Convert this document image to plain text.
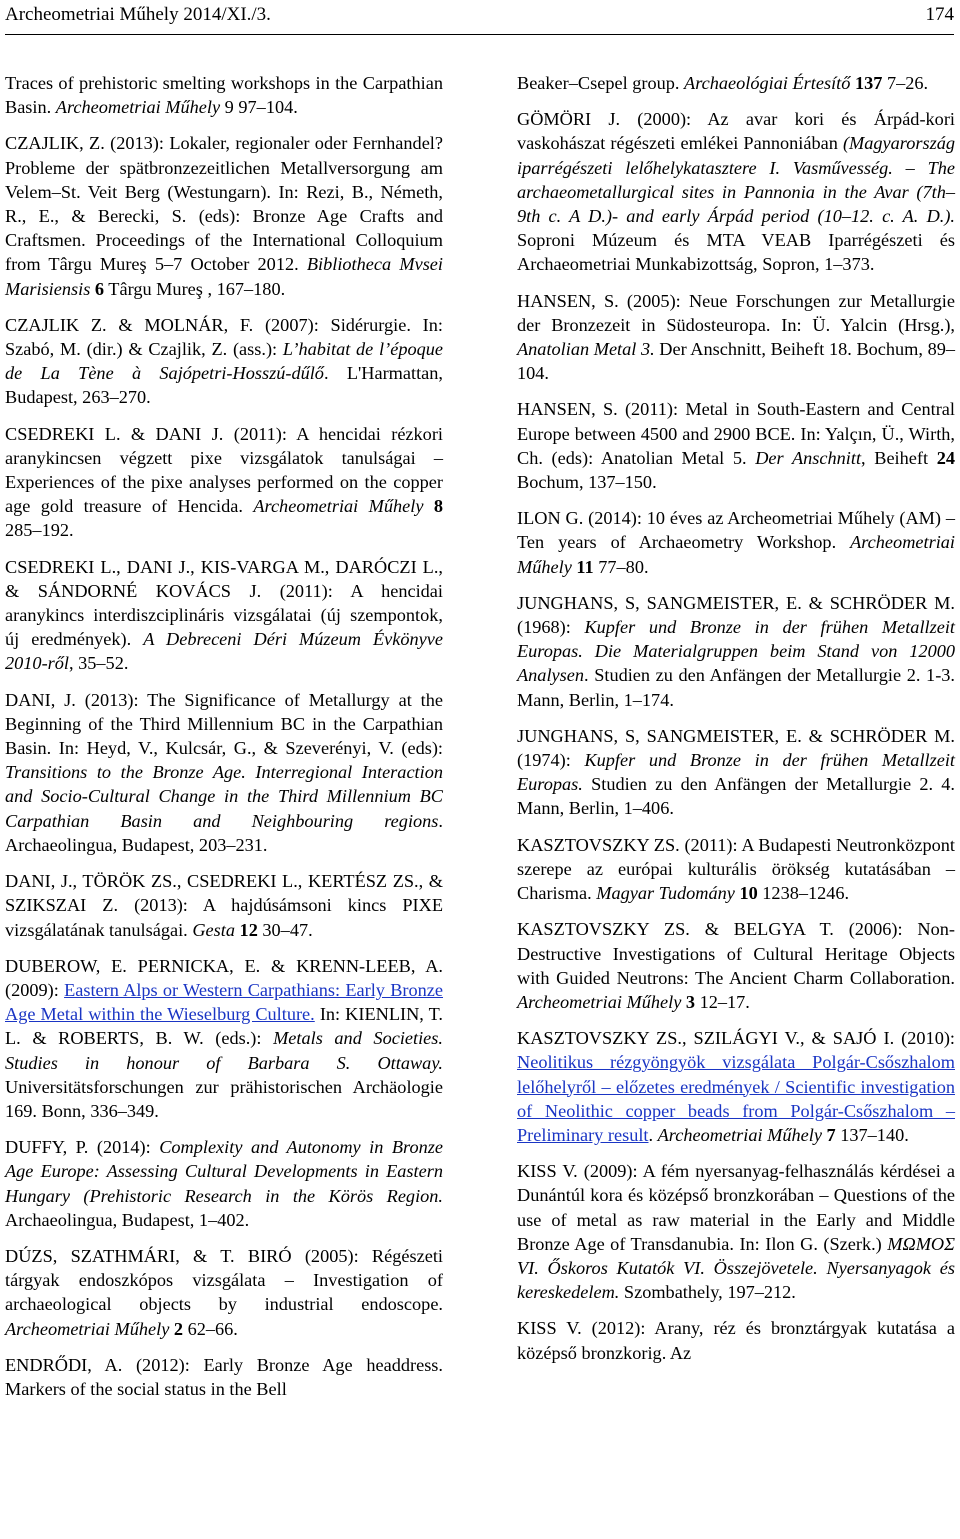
Archeometriai Műhely 2014/XI./3.	174

Traces of prehistoric smelting workshops in the Carpathian Basin. Archeometriai Műhely 9 97–104.

CZAJLIK, Z. (2013): Lokaler, regionaler oder Fernhandel? Probleme der spätbronzezeitlichen Metallversorgung am Velem–St. Veit Berg (Westungarn). In: Rezi, B., Németh, R., E., & Berecki, S. (eds): Bronze Age Crafts and Craftsmen. Proceedings of the International Colloquium from Târgu Mureş 5–7 October 2012. Bibliotheca Mvsei Marisiensis 6 Târgu Mureş , 167–180.

CZAJLIK Z. & MOLNÁR, F. (2007): Sidérurgie. In: Szabó, M. (dir.) & Czajlik, Z. (ass.): L’habitat de l’époque de La Tène à Sajópetri-Hosszú-dűlő. L'Harmattan, Budapest, 263–270.

CSEDREKI L. & DANI J. (2011): A hencidai rézkori aranykincsen végzett pixe vizsgálatok tanulságai – Experiences of the pixe analyses performed on the copper age gold treasure of Hencida. Archeometriai Műhely 8 285–192.

CSEDREKI L., DANI J., KIS-VARGA M., DARÓCZI L., & SÁNDORNÉ KOVÁCS J. (2011): A hencidai aranykincs interdiszciplináris vizsgálatai (új szempontok, új eredmények). A Debreceni Déri Múzeum Évkönyve 2010-ről, 35–52.

DANI, J. (2013): The Significance of Metallurgy at the Beginning of the Third Millennium BC in the Carpathian Basin. In: Heyd, V., Kulcsár, G., & Szeverényi, V. (eds): Transitions to the Bronze Age. Interregional Interaction and Socio-Cultural Change in the Third Millennium BC Carpathian Basin and Neighbouring regions. Archaeolingua, Budapest, 203–231.

DANI, J., TÖRÖK ZS., CSEDREKI L., KERTÉSZ ZS., & SZIKSZAI Z. (2013): A hajdúsámsoni kincs PIXE vizsgálatának tanulságai. Gesta 12 30–47.

DUBEROW, E. PERNICKA, E. & KRENN-LEEB, A. (2009): Eastern Alps or Western Carpathians: Early Bronze Age Metal within the Wieselburg Culture. In: KIENLIN, T. L. & ROBERTS, B. W. (eds.): Metals and Societies. Studies in honour of Barbara S. Ottaway. Universitätsforschungen zur prähistorischen Archäologie 169. Bonn, 336–349.

DUFFY, P. (2014): Complexity and Autonomy in Bronze Age Europe: Assessing Cultural Developments in Eastern Hungary (Prehistoric Research in the Körös Region. Archaeolingua, Budapest, 1–402.

DÚZS, SZATHMÁRI, & T. BIRÓ (2005): Régészeti tárgyak endoszkópos vizsgálata – Investigation of archaeological objects by industrial endoscope. Archeometriai Műhely 2 62–66.

ENDRŐDI, A. (2012): Early Bronze Age headdress. Markers of the social status in the Bell

Beaker–Csepel group. Archaeológiai Értesítő 137 7–26.

GÖMÖRI J. (2000): Az avar kori és Árpád-kori vaskohászat régészeti emlékei Pannoniában (Magyarország iparrégészeti lelőhelykatasztere I. Vasművesség. – The archaeometallurgical sites in Pannonia in the Avar (7th–9th c. A D.)- and early Árpád period (10–12. c. A. D.). Soproni Múzeum és MTA VEAB Iparrégészeti és Archaeometriai Munkabizottság, Sopron, 1–373.

HANSEN, S. (2005): Neue Forschungen zur Metallurgie der Bronzezeit in Südosteuropa. In: Ü. Yalcin (Hrsg.), Anatolian Metal 3. Der Anschnitt, Beiheft 18. Bochum, 89–104.

HANSEN, S. (2011): Metal in South-Eastern and Central Europe between 4500 and 2900 BCE. In: Yalçın, Ü., Wirth, Ch. (eds): Anatolian Metal 5. Der Anschnitt, Beiheft 24 Bochum, 137–150.

ILON G. (2014): 10 éves az Archeometriai Műhely (AM) – Ten years of Archaeometry Workshop. Archeometriai Műhely 11 77–80.

JUNGHANS, S, SANGMEISTER, E. & SCHRÖDER M. (1968): Kupfer und Bronze in der frühen Metallzeit Europas. Die Materialgruppen beim Stand von 12000 Analysen. Studien zu den Anfängen der Metallurgie 2. 1-3. Mann, Berlin, 1–174.

JUNGHANS, S, SANGMEISTER, E. & SCHRÖDER M. (1974): Kupfer und Bronze in der frühen Metallzeit Europas. Studien zu den Anfängen der Metallurgie 2. 4. Mann, Berlin, 1–406.

KASZTOVSZKY ZS. (2011): A Budapesti Neutronközpont szerepe az európai kulturális örökség kutatásában – Charisma. Magyar Tudomány 10 1238–1246.

KASZTOVSZKY ZS. & BELGYA T. (2006): Non-Destructive Investigations of Cultural Heritage Objects with Guided Neutrons: The Ancient Charm Collaboration. Archeometriai Műhely 3 12–17.

KASZTOVSZKY ZS., SZILÁGYI V., & SAJÓ I. (2010): Neolitikus rézgyöngyök vizsgálata Polgár-Csőszhalom lelőhelyről – előzetes eredmények / Scientific investigation of Neolithic copper beads from Polgár-Csőszhalom – Preliminary result. Archeometriai Műhely 7 137–140.

KISS V. (2009): A fém nyersanyag-felhasználás kérdései a Dunántúl kora és középső bronzkorában – Questions of the use of metal as raw material in the Early and Middle Bronze Age of Transdanubia. In: Ilon G. (Szerk.) ΜΩΜΟΣ VI. Őskoros Kutatók VI. Összejövetele. Nyersanyagok és kereskedelem. Szombathely, 197–212.

KISS V. (2012): Arany, réz és bronztárgyak kutatása a középső bronzkorig. Az
